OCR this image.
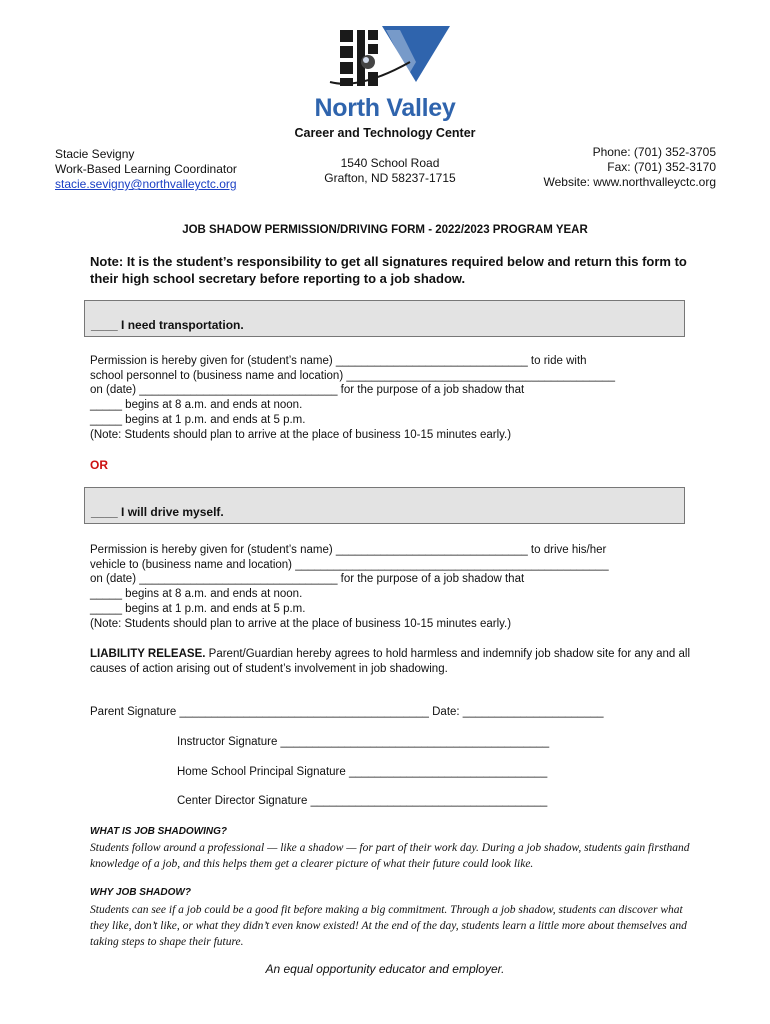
North Valley
Career and Technology Center
Stacie Sevigny
Work-Based Learning Coordinator
stacie.sevigny@northvalleyctc.org
1540 School Road
Grafton, ND 58237-1715
Phone: (701) 352-3705
Fax: (701) 352-3170
Website: www.northvalleyctc.org
JOB SHADOW PERMISSION/DRIVING FORM - 2022/2023 PROGRAM YEAR
Note: It is the student’s responsibility to get all signatures required below and return this form to their high school secretary before reporting to a job shadow.
____ I need transportation.
Permission is hereby given for (student’s name) ______________________________ to ride with
school personnel to (business name and location) __________________________________________
on (date) _______________________________ for the purpose of a job shadow that
_____ begins at 8 a.m. and ends at noon.
_____ begins at 1 p.m. and ends at 5 p.m.
(Note: Students should plan to arrive at the place of business 10-15 minutes early.)
OR
____ I will drive myself.
Permission is hereby given for (student’s name) ______________________________ to drive his/her
vehicle to (business name and location) _________________________________________________
on (date) _______________________________ for the purpose of a job shadow that
_____ begins at 8 a.m. and ends at noon.
_____ begins at 1 p.m. and ends at 5 p.m.
(Note: Students should plan to arrive at the place of business 10-15 minutes early.)
LIABILITY RELEASE. Parent/Guardian hereby agrees to hold harmless and indemnify job shadow site for any and all causes of action arising out of student’s involvement in job shadowing.
Parent Signature _______________________________________ Date: ______________________
Instructor Signature __________________________________________
Home School Principal Signature _______________________________
Center Director Signature _____________________________________
WHAT IS JOB SHADOWING?
Students follow around a professional — like a shadow — for part of their work day. During a job shadow, students gain firsthand knowledge of a job, and this helps them get a clearer picture of what their future could look like.
WHY JOB SHADOW?
Students can see if a job could be a good fit before making a big commitment. Through a job shadow, students can discover what they like, don’t like, or what they didn’t even know existed! At the end of the day, students learn a little more about themselves and taking steps to shape their future.
An equal opportunity educator and employer.
